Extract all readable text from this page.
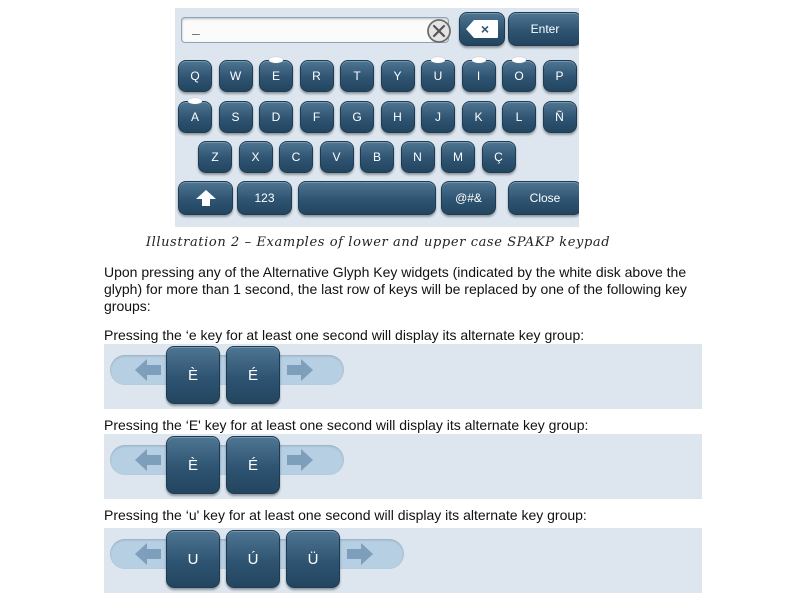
_
×	Enter
Q	W	E	R	T	Y	U	I	O	P
A	S	D	F	G	H	J	K	L	Ñ
Z	X	C	V	B	N	M	Ç
123	@#&	Close
Illustration 2 – Examples of lower and upper case SPAKP keypad

Upon pressing any of the Alternative Glyph Key widgets (indicated by the white disk above the glyph) for more than 1 second, the last row of keys will be replaced by one of the following key groups:

Pressing the ‘e key for at least one second will display its alternate key group:

È	É

Pressing the ‘E' key for at least one second will display its alternate key group:

È	É

Pressing the ‘u' key for at least one second will display its alternate key group:

U	Ú	Ü
